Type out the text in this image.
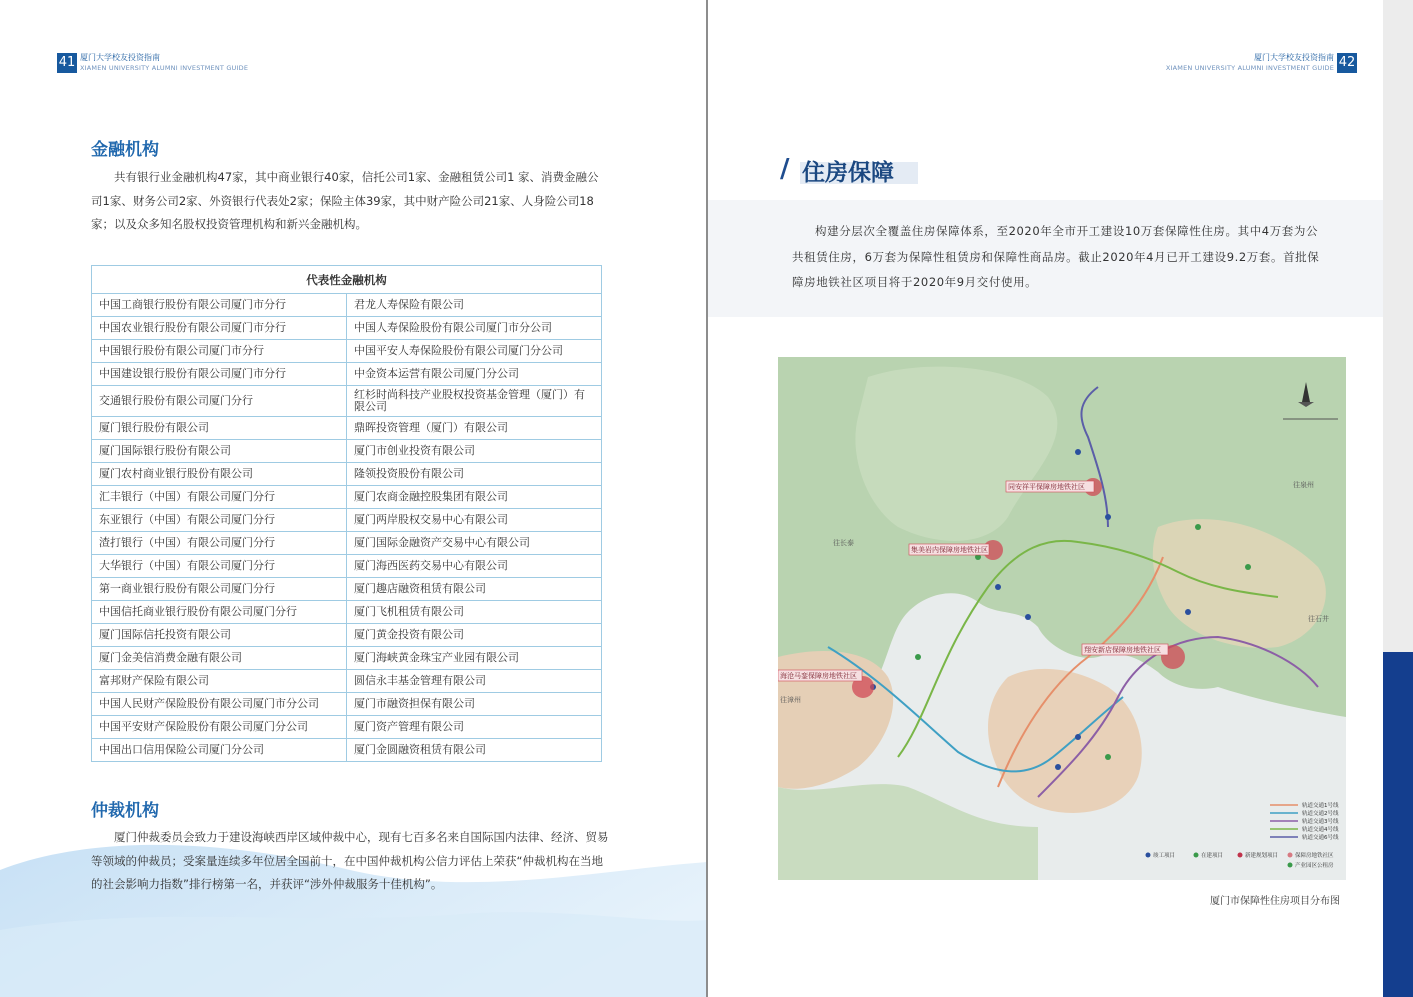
41 厦门大学校友投资指南
XIAMEN UNIVERSITY ALUMNI INVESTMENT GUIDE
金融机构
共有银行业金融机构47家，其中商业银行40家，信托公司1家、金融租赁公司1 家、消费金融公司1家、财务公司2家、外资银行代表处2家；保险主体39家，其中财产险公司21家、人身险公司18家；以及众多知名股权投资管理机构和新兴金融机构。
代表性金融机构	
中国工商银行股份有限公司厦门市分行	君龙人寿保险有限公司
中国农业银行股份有限公司厦门市分行	中国人寿保险股份有限公司厦门市分公司
中国银行股份有限公司厦门市分行	中国平安人寿保险股份有限公司厦门分公司
中国建设银行股份有限公司厦门市分行	中金资本运营有限公司厦门分公司
交通银行股份有限公司厦门分行	红杉时尚科技产业股权投资基金管理（厦门）有限公司
厦门银行股份有限公司	鼎晖投资管理（厦门）有限公司
厦门国际银行股份有限公司	厦门市创业投资有限公司
厦门农村商业银行股份有限公司	隆领投资股份有限公司
汇丰银行（中国）有限公司厦门分行	厦门农商金融控股集团有限公司
东亚银行（中国）有限公司厦门分行	厦门两岸股权交易中心有限公司
渣打银行（中国）有限公司厦门分行	厦门国际金融资产交易中心有限公司
大华银行（中国）有限公司厦门分行	厦门海西医药交易中心有限公司
第一商业银行股份有限公司厦门分行	厦门趣店融资租赁有限公司
中国信托商业银行股份有限公司厦门分行	厦门飞机租赁有限公司
厦门国际信托投资有限公司	厦门黄金投资有限公司
厦门金美信消费金融有限公司	厦门海峡黄金珠宝产业园有限公司
富邦财产保险有限公司	圆信永丰基金管理有限公司
中国人民财产保险股份有限公司厦门市分公司	厦门市融资担保有限公司
中国平安财产保险股份有限公司厦门分公司	厦门资产管理有限公司
中国出口信用保险公司厦门分公司	厦门金圆融资租赁有限公司
仲裁机构
厦门仲裁委员会致力于建设海峡西岸区域仲裁中心，现有七百多名来自国际国内法律、经济、贸易等领域的仲裁员；受案量连续多年位居全国前十，在中国仲裁机构公信力评估上荣获“仲裁机构在当地的社会影响力指数”排行榜第一名，并获评“涉外仲裁服务十佳机构”。
厦门大学校友投资指南
XIAMEN UNIVERSITY ALUMNI INVESTMENT GUIDE 42
/ 住房保障
构建分层次全覆盖住房保障体系，至2020年全市开工建设10万套保障性住房。其中4万套为公共租赁住房，6万套为保障性租赁房和保障性商品房。截止2020年4月已开工建设9.2万套。首批保障房地铁社区项目将于2020年9月交付使用。
同安祥平保障房地铁社区
集美岩内保障房地铁社区
翔安新店保障房地铁社区
海沧马銮保障房地铁社区
往泉州
往长泰
往漳州
往石井
轨道交通1号线
轨道交通2号线
轨道交通3号线
轨道交通4号线
轨道交通6号线
竣工项目	在建项目	新建规划项目	保障房地铁社区
产业园区公租房
厦门市保障性住房项目分布图
